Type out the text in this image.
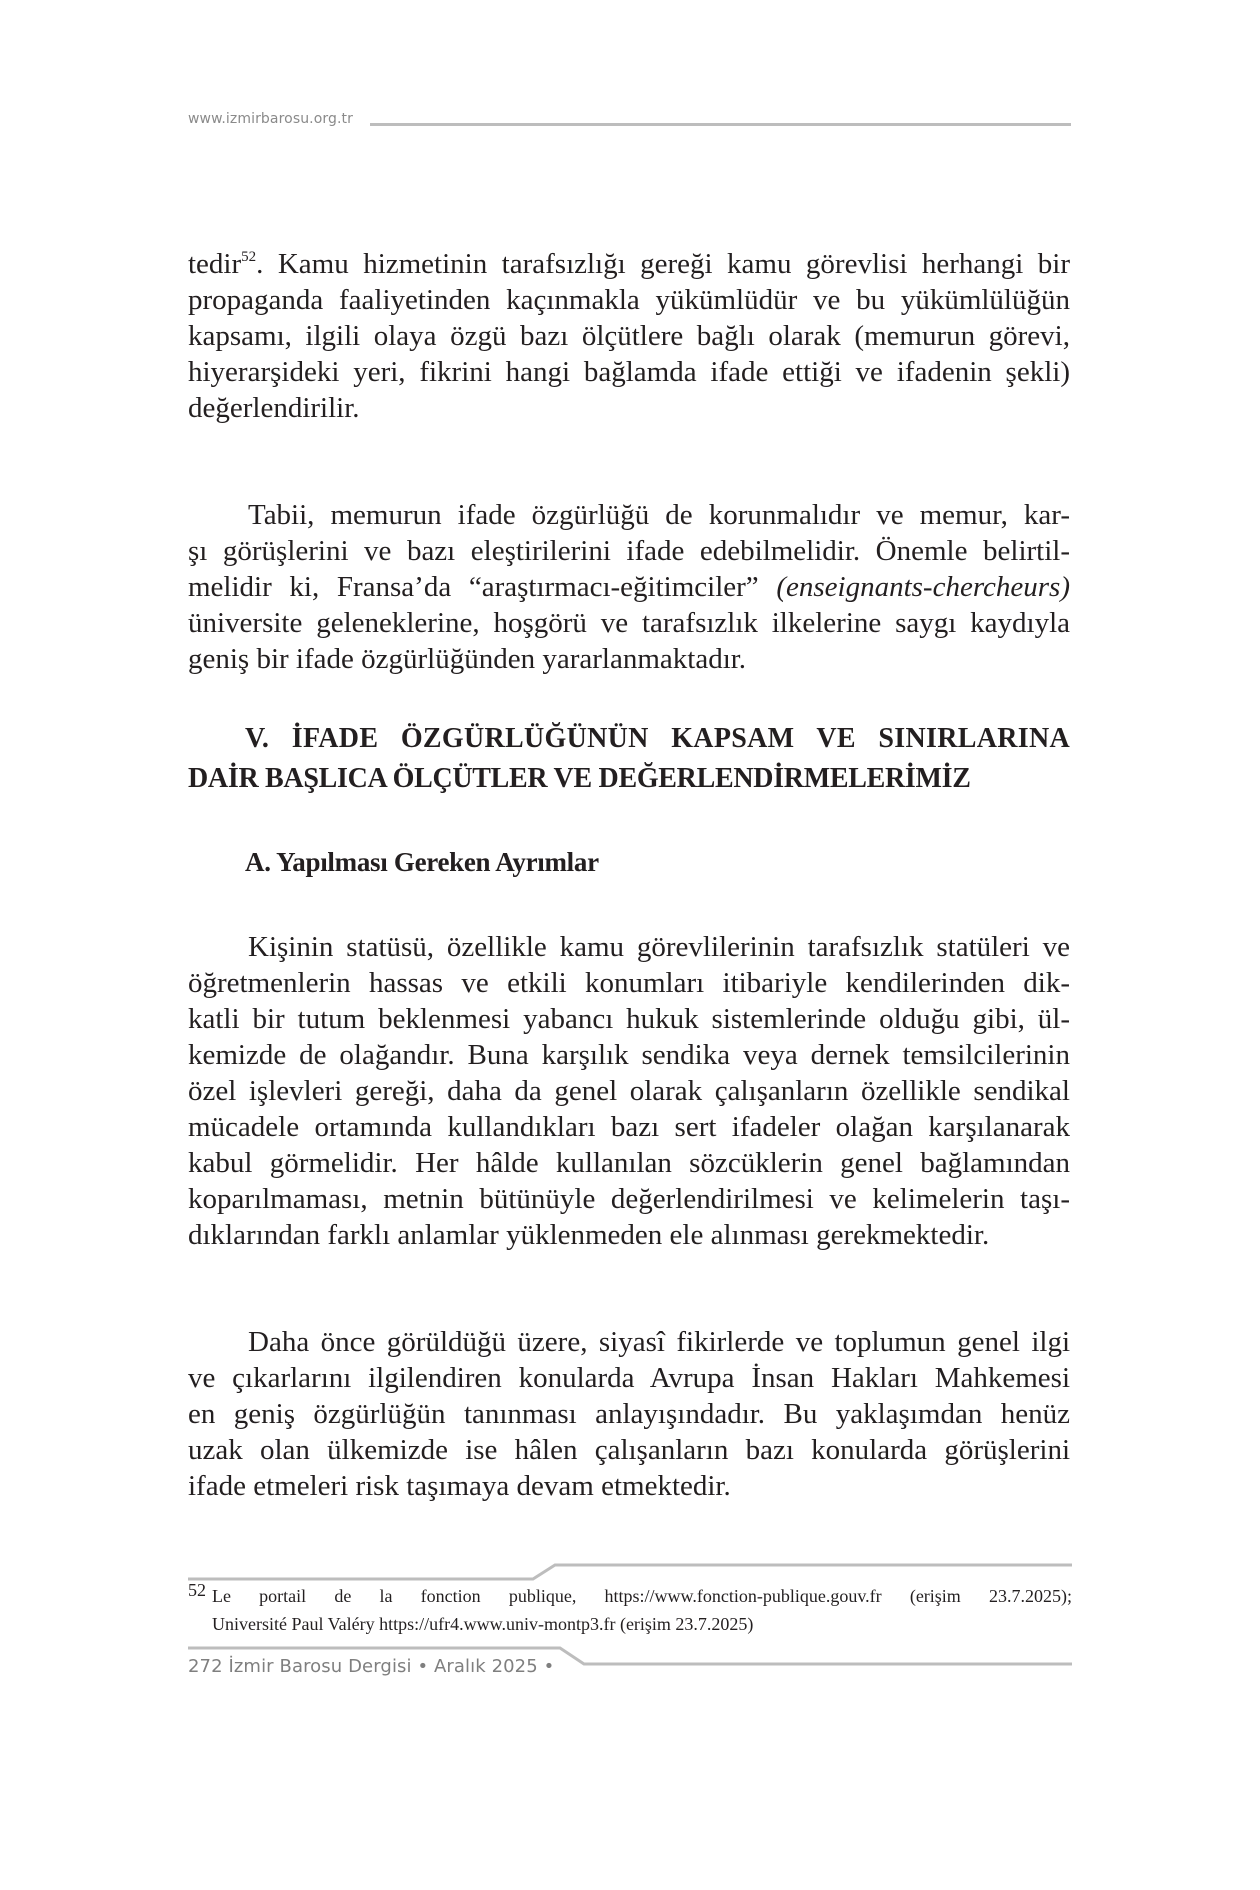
www.izmirbarosu.org.tr
tedir$^{52}$. Kamu hizmetinin tarafsızlığı gereği kamu görevlisi herhangi bir
propaganda faaliyetinden kaçınmakla yükümlüdür ve bu yükümlülüğün
kapsamı, ilgili olaya özgü bazı ölçütlere bağlı olarak (memurun görevi,
hiyerarşideki yeri, fikrini hangi bağlamda ifade ettiği ve ifadenin şekli)
değerlendirilir.
Tabii, memurun ifade özgürlüğü de korunmalıdır ve memur, kar-
şı görüşlerini ve bazı eleştirilerini ifade edebilmelidir. Önemle belirtil-
melidir ki, Fransa’da “araştırmacı-eğitimciler” (enseignants-chercheurs)
üniversite geleneklerine, hoşgörü ve tarafsızlık ilkelerine saygı kaydıyla
geniş bir ifade özgürlüğünden yararlanmaktadır.
V. İFADE ÖZGÜRLÜĞÜNÜN KAPSAM VE SINIRLARINA
DAİR BAŞLICA ÖLÇÜTLER VE DEĞERLENDİRMELERİMİZ
A. Yapılması Gereken Ayrımlar
Kişinin statüsü, özellikle kamu görevlilerinin tarafsızlık statüleri ve
öğretmenlerin hassas ve etkili konumları itibariyle kendilerinden dik-
katli bir tutum beklenmesi yabancı hukuk sistemlerinde olduğu gibi, ül-
kemizde de olağandır. Buna karşılık sendika veya dernek temsilcilerinin
özel işlevleri gereği, daha da genel olarak çalışanların özellikle sendikal
mücadele ortamında kullandıkları bazı sert ifadeler olağan karşılanarak
kabul görmelidir. Her hâlde kullanılan sözcüklerin genel bağlamından
koparılmaması, metnin bütünüyle değerlendirilmesi ve kelimelerin taşı-
dıklarından farklı anlamlar yüklenmeden ele alınması gerekmektedir.
Daha önce görüldüğü üzere, siyasî fikirlerde ve toplumun genel ilgi
ve çıkarlarını ilgilendiren konularda Avrupa İnsan Hakları Mahkemesi
en geniş özgürlüğün tanınması anlayışındadır. Bu yaklaşımdan henüz
uzak olan ülkemizde ise hâlen çalışanların bazı konularda görüşlerini
ifade etmeleri risk taşımaya devam etmektedir.
52 Le portail de la fonction publique, https://www.fonction-publique.gouv.fr (erişim 23.7.2025);
Université Paul Valéry https://ufr4.www.univ-montp3.fr (erişim 23.7.2025)
272 İzmir Barosu Dergisi • Aralık 2025 •
